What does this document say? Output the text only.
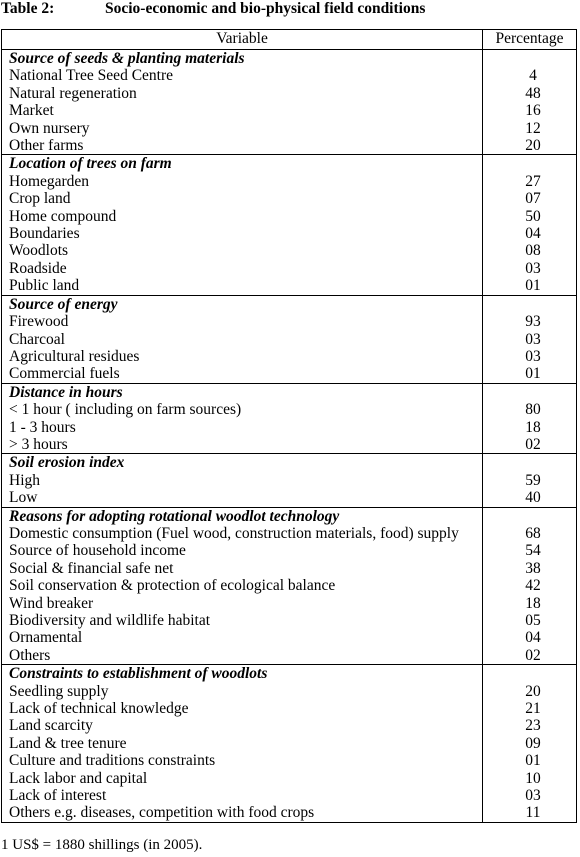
Table 2:	Socio-economic and bio-physical field conditions
Variable	Percentage
Source of seeds & planting materials	
National Tree Seed Centre	4
Natural regeneration	48
Market	16
Own nursery	12
Other farms	20
Location of trees on farm	
Homegarden	27
Crop land	07
Home compound	50
Boundaries	04
Woodlots	08
Roadside	03
Public land	01
Source of energy	
Firewood	93
Charcoal	03
Agricultural residues	03
Commercial fuels	01
Distance in hours	
< 1 hour ( including on farm sources)	80
1 - 3 hours	18
> 3 hours	02
Soil erosion index	
High	59
Low	40
Reasons for adopting rotational woodlot technology	
Domestic consumption (Fuel wood, construction materials, food) supply	68
Source of household income	54
Social & financial safe net	38
Soil conservation & protection of ecological balance	42
Wind breaker	18
Biodiversity and wildlife habitat	05
Ornamental	04
Others	02
Constraints to establishment of woodlots	
Seedling supply	20
Lack of technical knowledge	21
Land scarcity	23
Land & tree tenure	09
Culture and traditions constraints	01
Lack labor and capital	10
Lack of interest	03
Others e.g. diseases, competition with food crops	11
1 US$ = 1880 shillings (in 2005).
